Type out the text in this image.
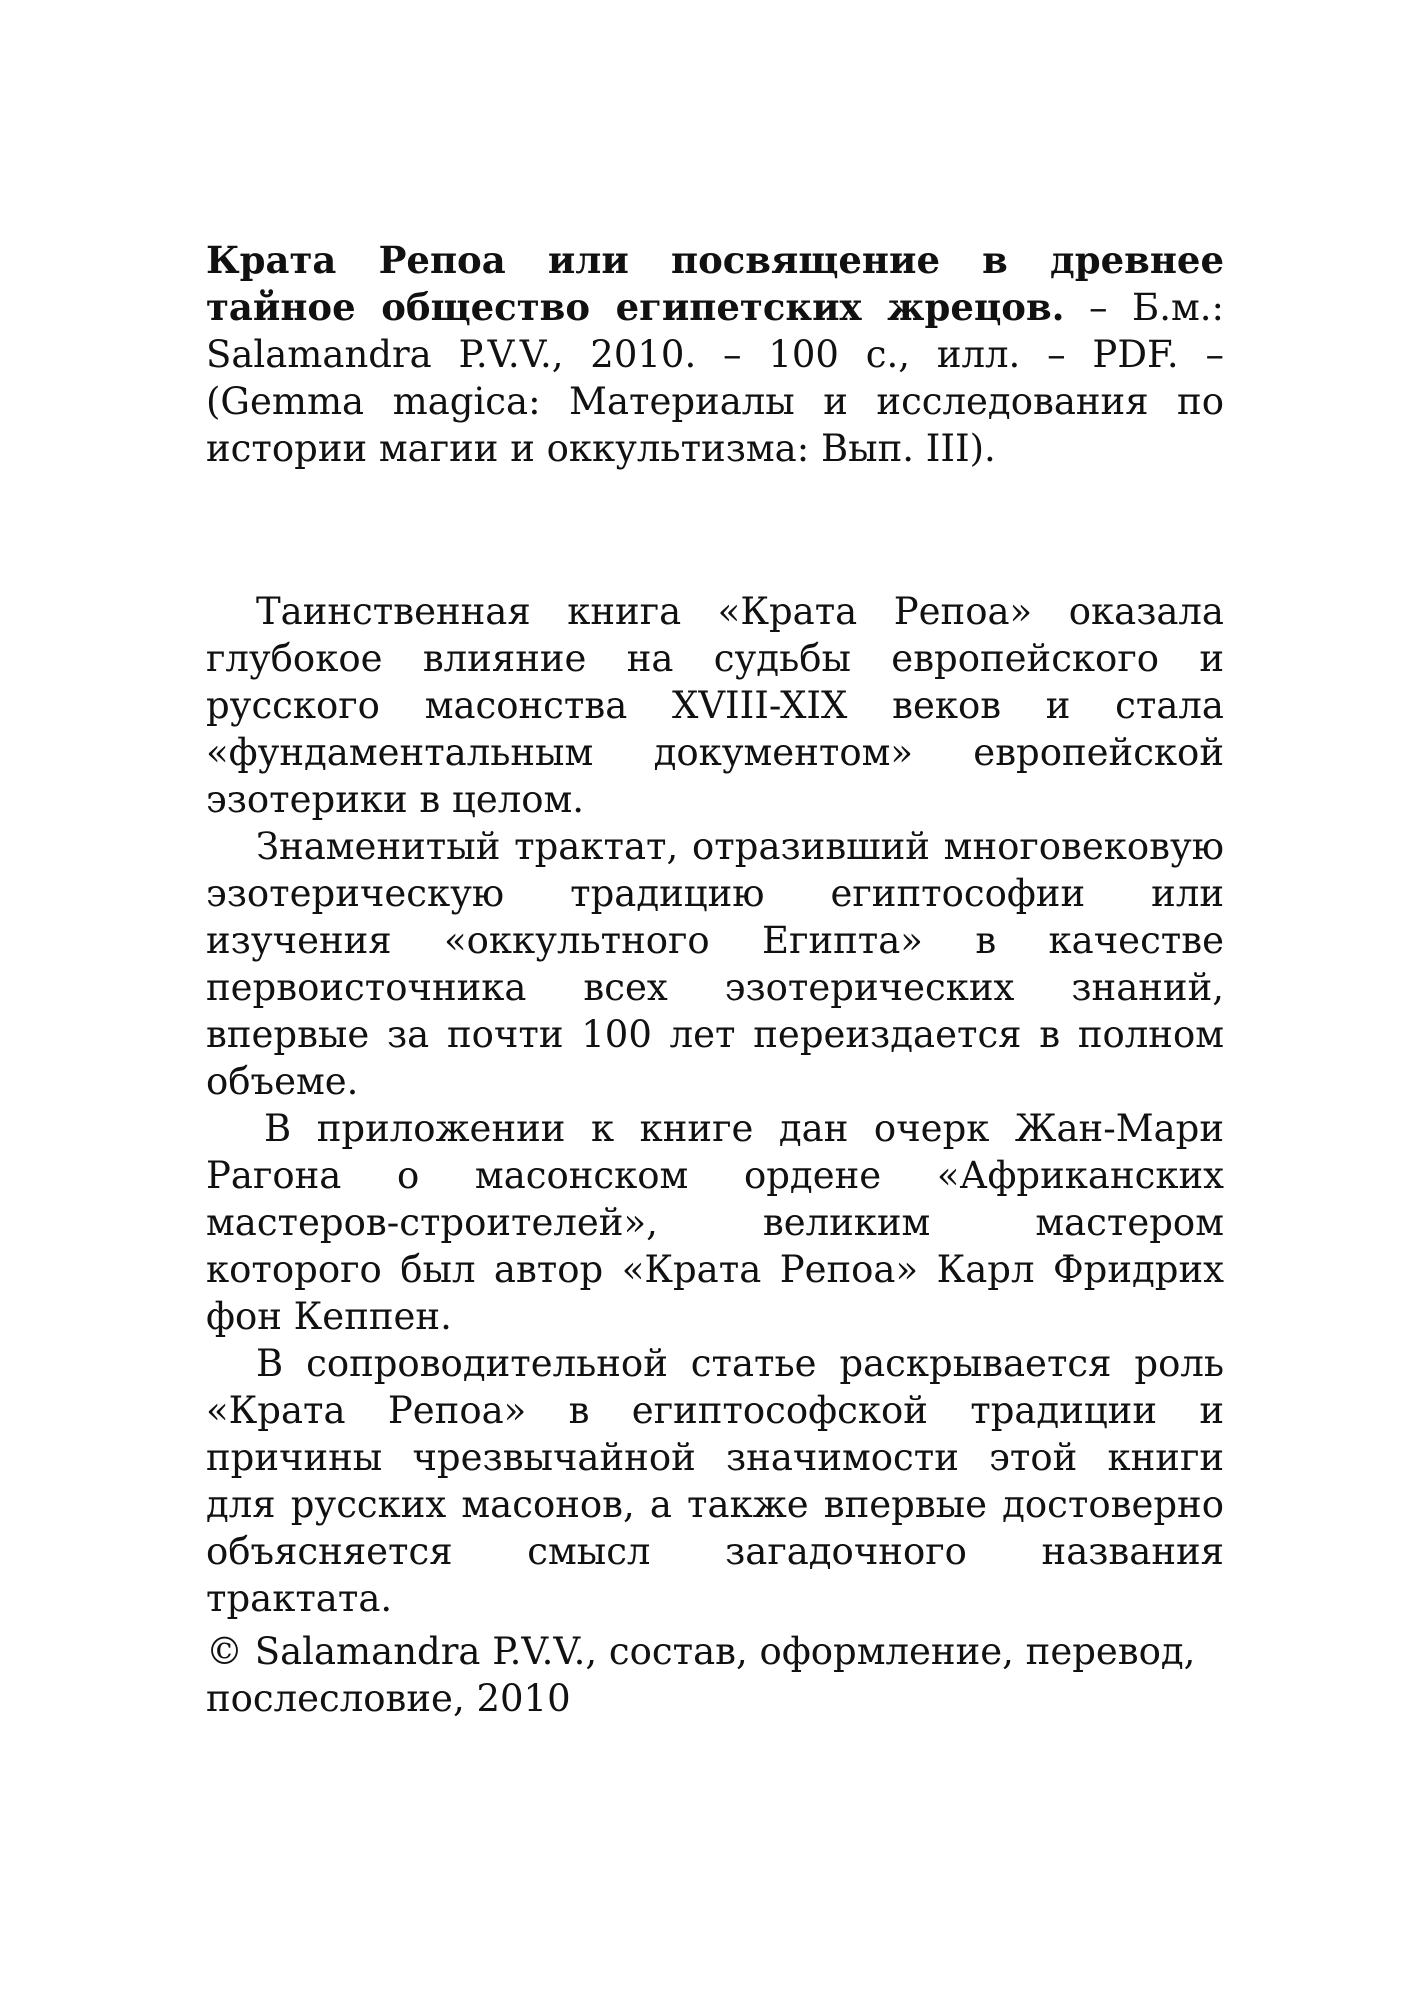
Крата Репоа или посвящение в древнее тайное общество египетских жрецов. – Б.м.: Salamandra P.V.V., 2010. – 100 с., илл. – PDF. – (Gemma magica: Материалы и исследования по истории магии и оккультизма: Вып. III).

Таинственная книга «Крата Репоа» оказала глубокое влияние на судьбы европейского и русского масонства XVIII-XIX веков и стала «фундаментальным документом» европейской эзотерики в целом.

Знаменитый трактат, отразивший многовековую эзотерическую традицию египтософии или изучения «оккультного Египта» в качестве первоисточника всех эзотерических знаний, впервые за почти 100 лет переиздается в полном объеме.

В приложении к книге дан очерк Жан-Мари Рагона о масонском ордене «Африканских мастеров-строителей», великим мастером которого был автор «Крата Репоа» Карл Фридрих фон Кеппен.

В сопроводительной статье раскрывается роль «Крата Репоа» в египтософской традиции и причины чрезвычайной значимости этой книги для русских масонов, а также впервые достоверно объясняется смысл загадочного названия трактата.

© Salamandra P.V.V., состав, оформление, перевод, послесловие, 2010
